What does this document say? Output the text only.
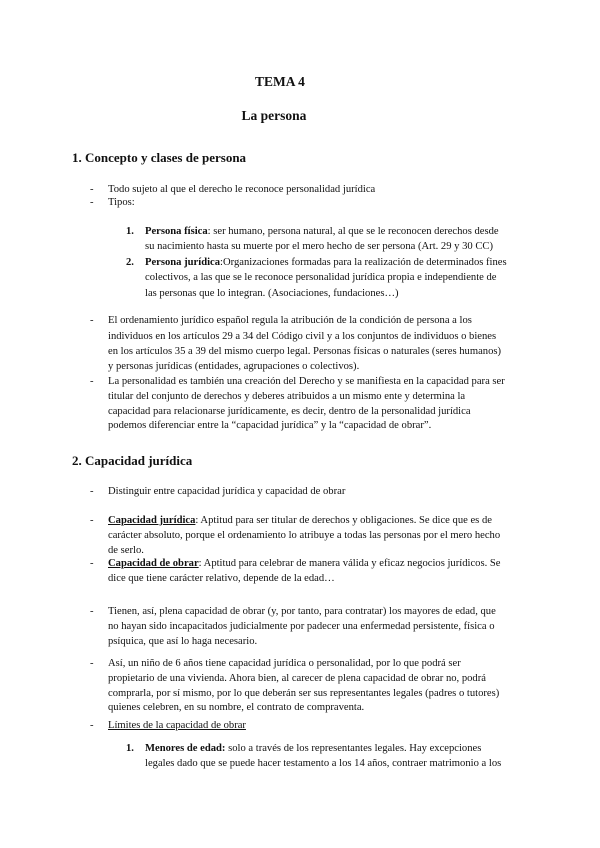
TEMA 4
La persona
1. Concepto y clases de persona
- Todo sujeto al que el derecho le reconoce personalidad jurídica
- Tipos:
1. Persona física: ser humano, persona natural, al que se le reconocen derechos desde
su nacimiento hasta su muerte por el mero hecho de ser persona (Art. 29 y 30 CC)
2. Persona jurídica:Organizaciones formadas para la realización de determinados fines
colectivos, a las que se le reconoce personalidad jurídica propia e independiente de
las personas que lo integran. (Asociaciones, fundaciones…)
- El ordenamiento jurídico español regula la atribución de la condición de persona a los
individuos en los artículos 29 a 34 del Código civil y a los conjuntos de individuos o bienes
en los artículos 35 a 39 del mismo cuerpo legal. Personas físicas o naturales (seres humanos)
y personas jurídicas (entidades, agrupaciones o colectivos).
- La personalidad es también una creación del Derecho y se manifiesta en la capacidad para ser
titular del conjunto de derechos y deberes atribuidos a un mismo ente y determina la
capacidad para relacionarse jurídicamente, es decir, dentro de la personalidad jurídica
podemos diferenciar entre la “capacidad jurídica” y la “capacidad de obrar”.
2. Capacidad jurídica
- Distinguir entre capacidad jurídica y capacidad de obrar
- Capacidad jurídica: Aptitud para ser titular de derechos y obligaciones. Se dice que es de
carácter absoluto, porque el ordenamiento lo atribuye a todas las personas por el mero hecho
de serlo.
- Capacidad de obrar: Aptitud para celebrar de manera válida y eficaz negocios jurídicos. Se
dice que tiene carácter relativo, depende de la edad…
- Tienen, así, plena capacidad de obrar (y, por tanto, para contratar) los mayores de edad, que
no hayan sido incapacitados judicialmente por padecer una enfermedad persistente, física o
psíquica, que así lo haga necesario.
- Así, un niño de 6 años tiene capacidad jurídica o personalidad, por lo que podrá ser
propietario de una vivienda. Ahora bien, al carecer de plena capacidad de obrar no, podrá
comprarla, por sí mismo, por lo que deberán ser sus representantes legales (padres o tutores)
quienes celebren, en su nombre, el contrato de compraventa.
- Límites de la capacidad de obrar
1. Menores de edad: solo a través de los representantes legales. Hay excepciones
legales dado que se puede hacer testamento a los 14 años, contraer matrimonio a los
